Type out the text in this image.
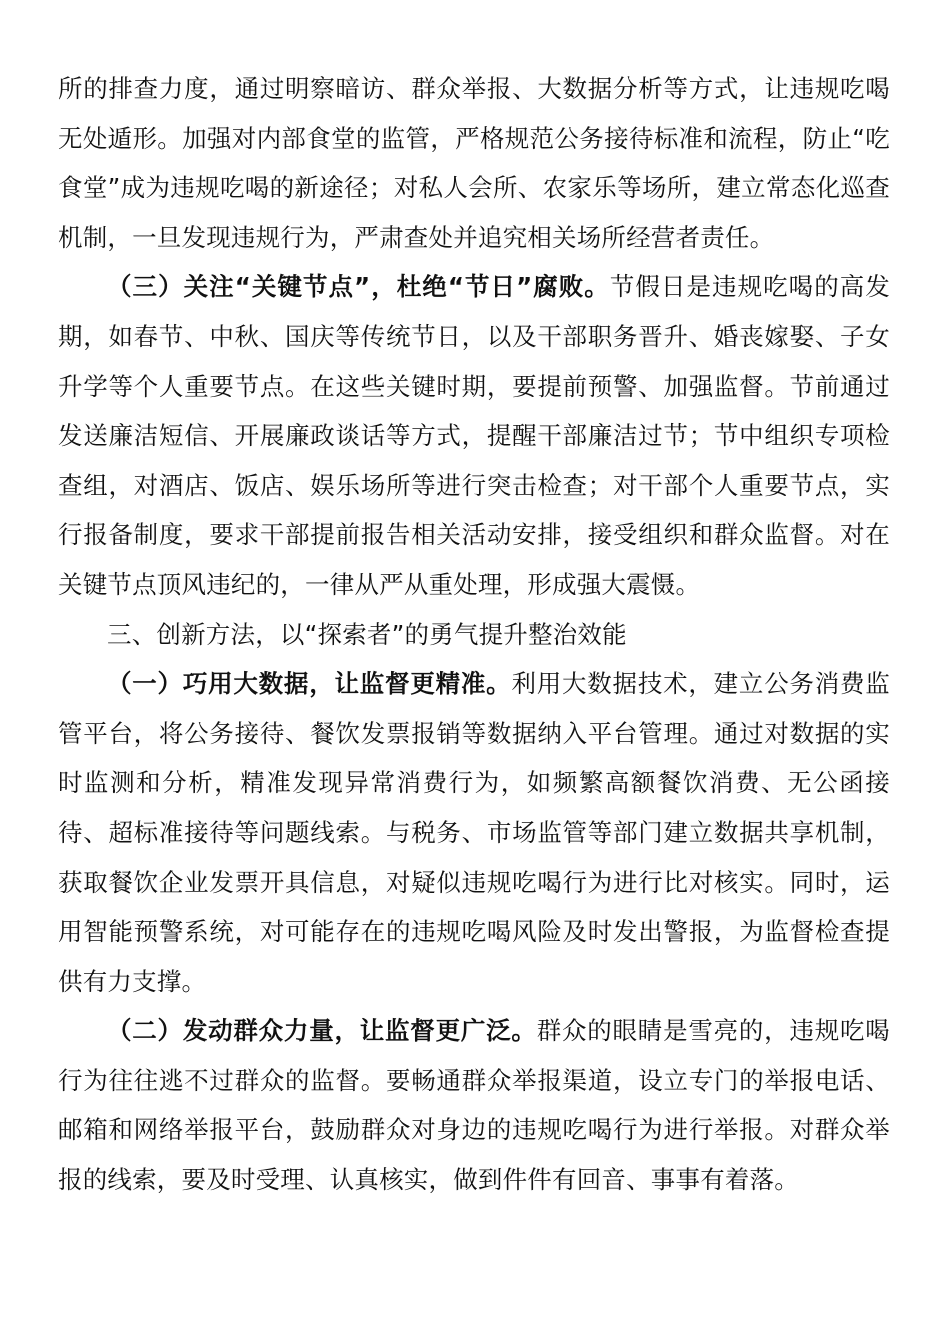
所的排查力度，通过明察暗访、群众举报、大数据分析等方式，让违规吃喝无处遁形。加强对内部食堂的监管，严格规范公务接待标准和流程，防止“吃食堂”成为违规吃喝的新途径；对私人会所、农家乐等场所，建立常态化巡查机制，一旦发现违规行为，严肃查处并追究相关场所经营者责任。

（三）关注“关键节点”，杜绝“节日”腐败。节假日是违规吃喝的高发期，如春节、中秋、国庆等传统节日，以及干部职务晋升、婚丧嫁娶、子女升学等个人重要节点。在这些关键时期，要提前预警、加强监督。节前通过发送廉洁短信、开展廉政谈话等方式，提醒干部廉洁过节；节中组织专项检查组，对酒店、饭店、娱乐场所等进行突击检查；对干部个人重要节点，实行报备制度，要求干部提前报告相关活动安排，接受组织和群众监督。对在关键节点顶风违纪的，一律从严从重处理，形成强大震慑。

三、创新方法，以“探索者”的勇气提升整治效能

（一）巧用大数据，让监督更精准。利用大数据技术，建立公务消费监管平台，将公务接待、餐饮发票报销等数据纳入平台管理。通过对数据的实时监测和分析，精准发现异常消费行为，如频繁高额餐饮消费、无公函接待、超标准接待等问题线索。与税务、市场监管等部门建立数据共享机制，获取餐饮企业发票开具信息，对疑似违规吃喝行为进行比对核实。同时，运用智能预警系统，对可能存在的违规吃喝风险及时发出警报，为监督检查提供有力支撑。

（二）发动群众力量，让监督更广泛。群众的眼睛是雪亮的，违规吃喝行为往往逃不过群众的监督。要畅通群众举报渠道，设立专门的举报电话、邮箱和网络举报平台，鼓励群众对身边的违规吃喝行为进行举报。对群众举报的线索，要及时受理、认真核实，做到件件有回音、事事有着落。
